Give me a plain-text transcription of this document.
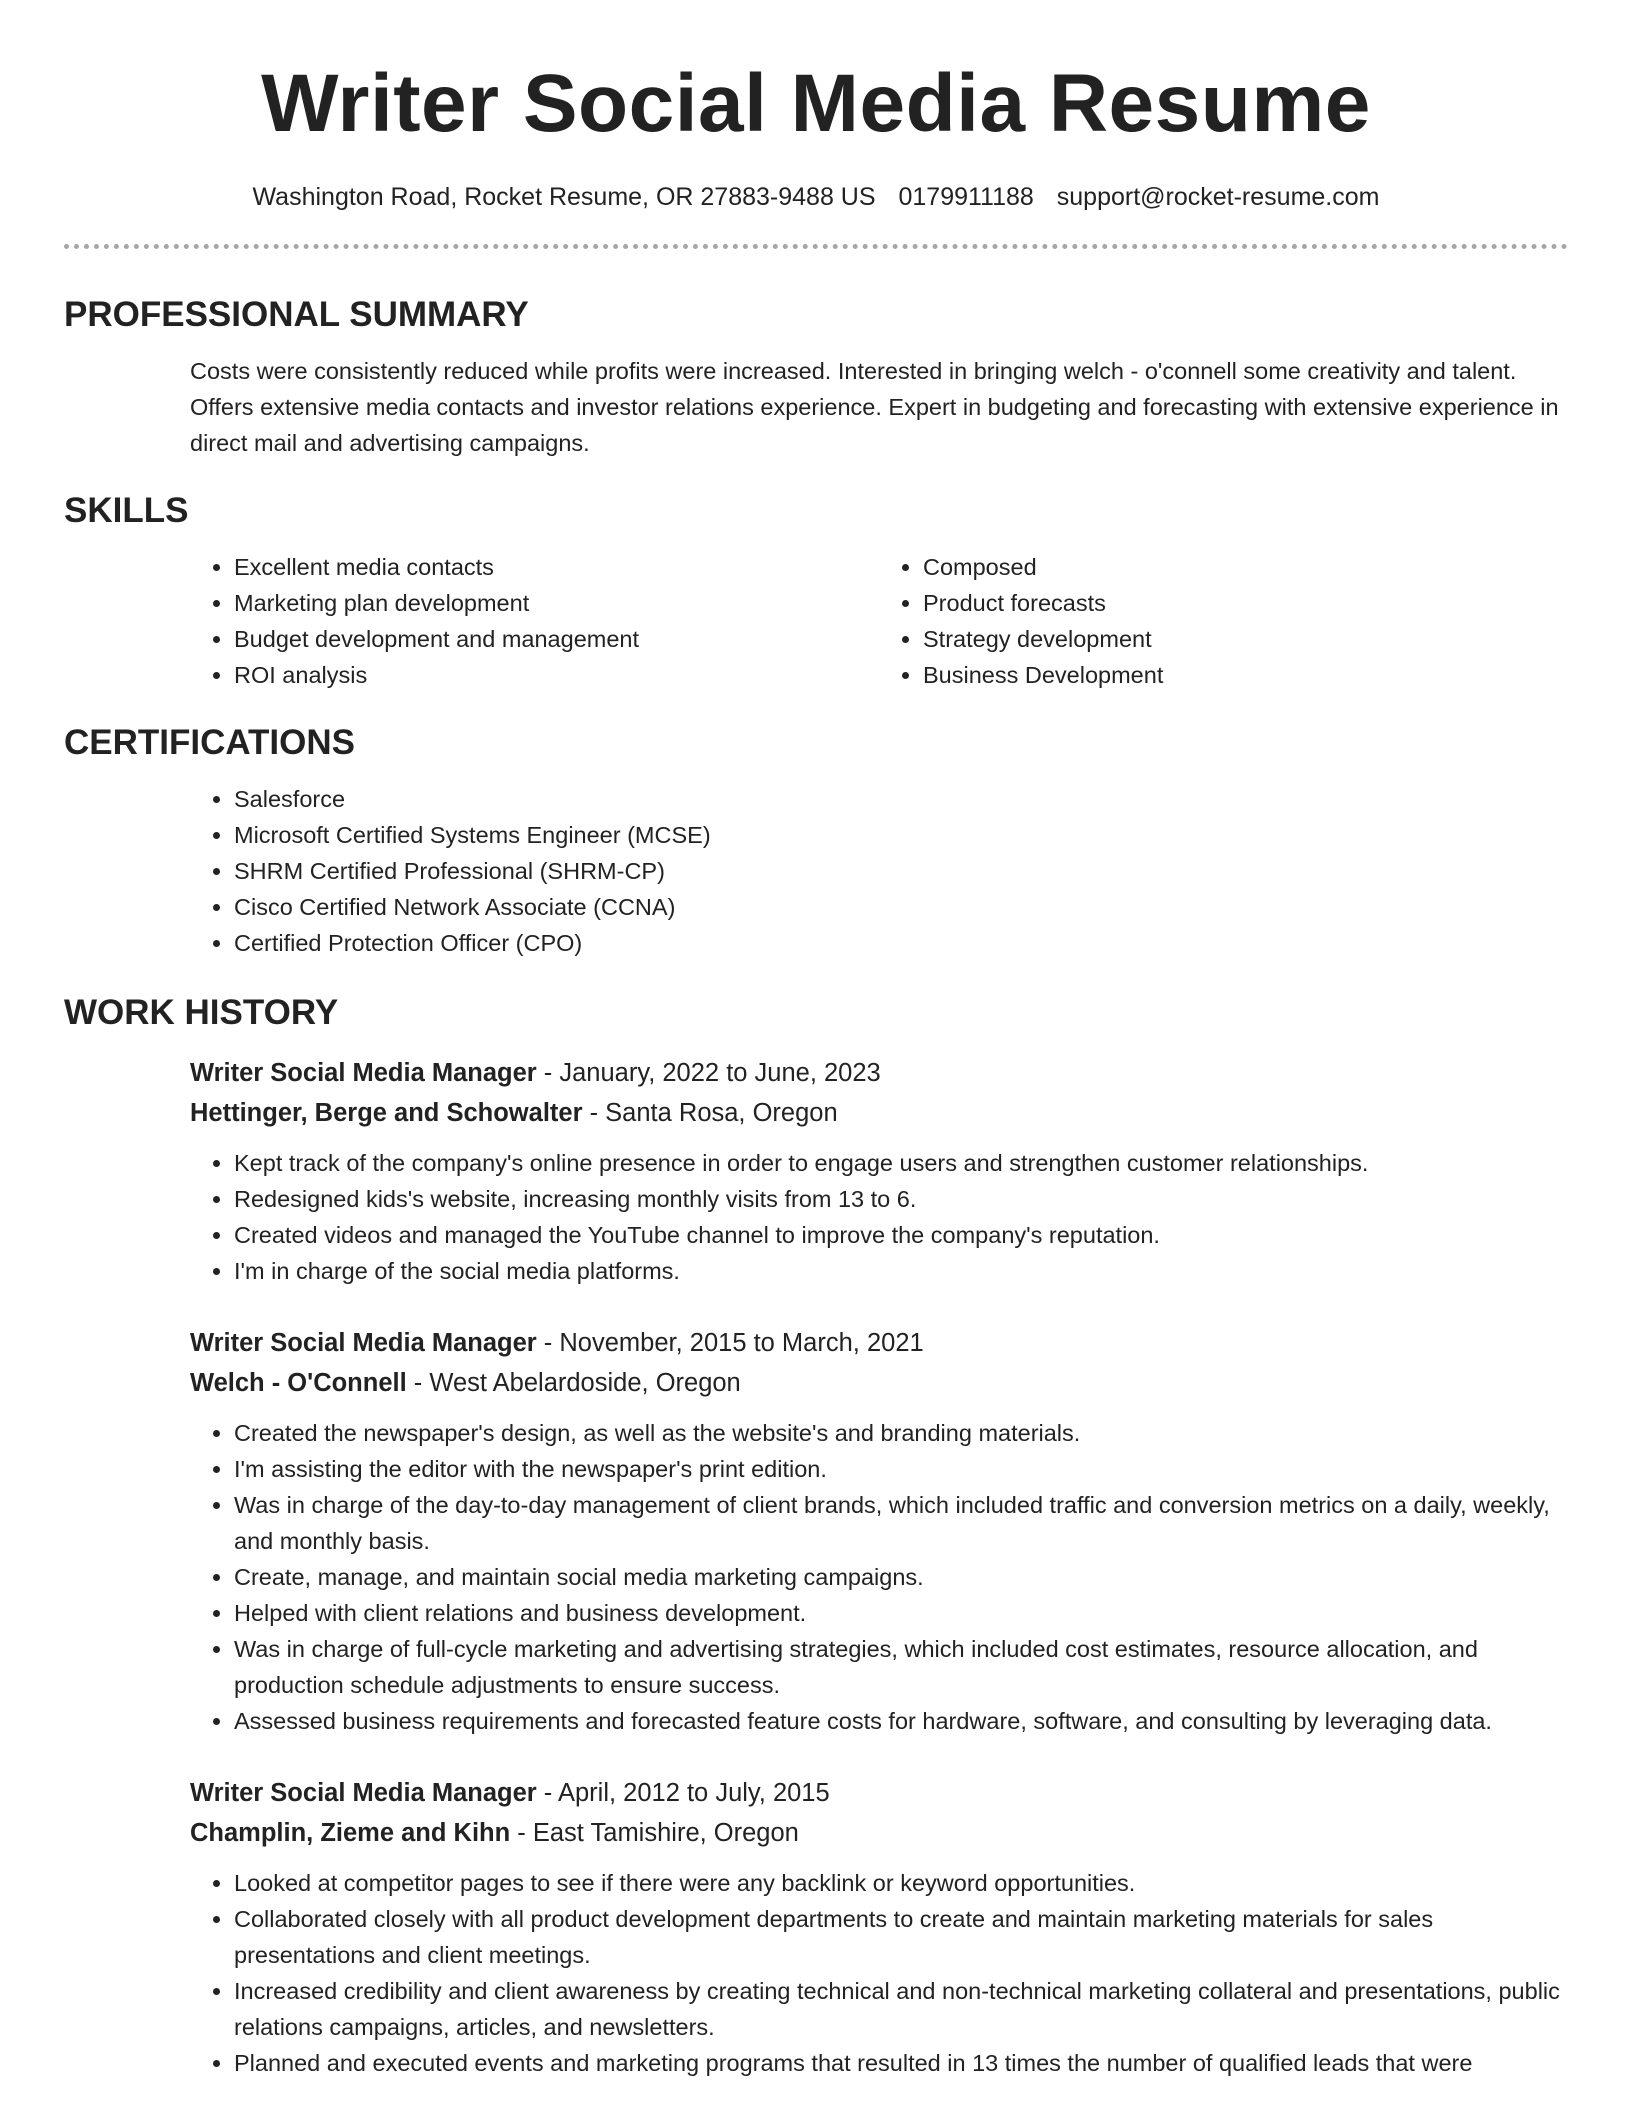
Writer Social Media Resume
Washington Road, Rocket Resume, OR 27883-9488 US 0179911188 support@rocket-resume.com
PROFESSIONAL SUMMARY
Costs were consistently reduced while profits were increased. Interested in bringing welch - o'connell some creativity and talent. Offers extensive media contacts and investor relations experience. Expert in budgeting and forecasting with extensive experience in direct mail and advertising campaigns.
SKILLS
• Excellent media contacts
• Marketing plan development
• Budget development and management
• ROI analysis
• Composed
• Product forecasts
• Strategy development
• Business Development
CERTIFICATIONS
• Salesforce
• Microsoft Certified Systems Engineer (MCSE)
• SHRM Certified Professional (SHRM-CP)
• Cisco Certified Network Associate (CCNA)
• Certified Protection Officer (CPO)
WORK HISTORY
Writer Social Media Manager - January, 2022 to June, 2023
Hettinger, Berge and Schowalter - Santa Rosa, Oregon
• Kept track of the company's online presence in order to engage users and strengthen customer relationships.
• Redesigned kids's website, increasing monthly visits from 13 to 6.
• Created videos and managed the YouTube channel to improve the company's reputation.
• I'm in charge of the social media platforms.
Writer Social Media Manager - November, 2015 to March, 2021
Welch - O'Connell - West Abelardoside, Oregon
• Created the newspaper's design, as well as the website's and branding materials.
• I'm assisting the editor with the newspaper's print edition.
• Was in charge of the day-to-day management of client brands, which included traffic and conversion metrics on a daily, weekly, and monthly basis.
• Create, manage, and maintain social media marketing campaigns.
• Helped with client relations and business development.
• Was in charge of full-cycle marketing and advertising strategies, which included cost estimates, resource allocation, and production schedule adjustments to ensure success.
• Assessed business requirements and forecasted feature costs for hardware, software, and consulting by leveraging data.
Writer Social Media Manager - April, 2012 to July, 2015
Champlin, Zieme and Kihn - East Tamishire, Oregon
• Looked at competitor pages to see if there were any backlink or keyword opportunities.
• Collaborated closely with all product development departments to create and maintain marketing materials for sales presentations and client meetings.
• Increased credibility and client awareness by creating technical and non-technical marketing collateral and presentations, public relations campaigns, articles, and newsletters.
• Planned and executed events and marketing programs that resulted in 13 times the number of qualified leads that were
